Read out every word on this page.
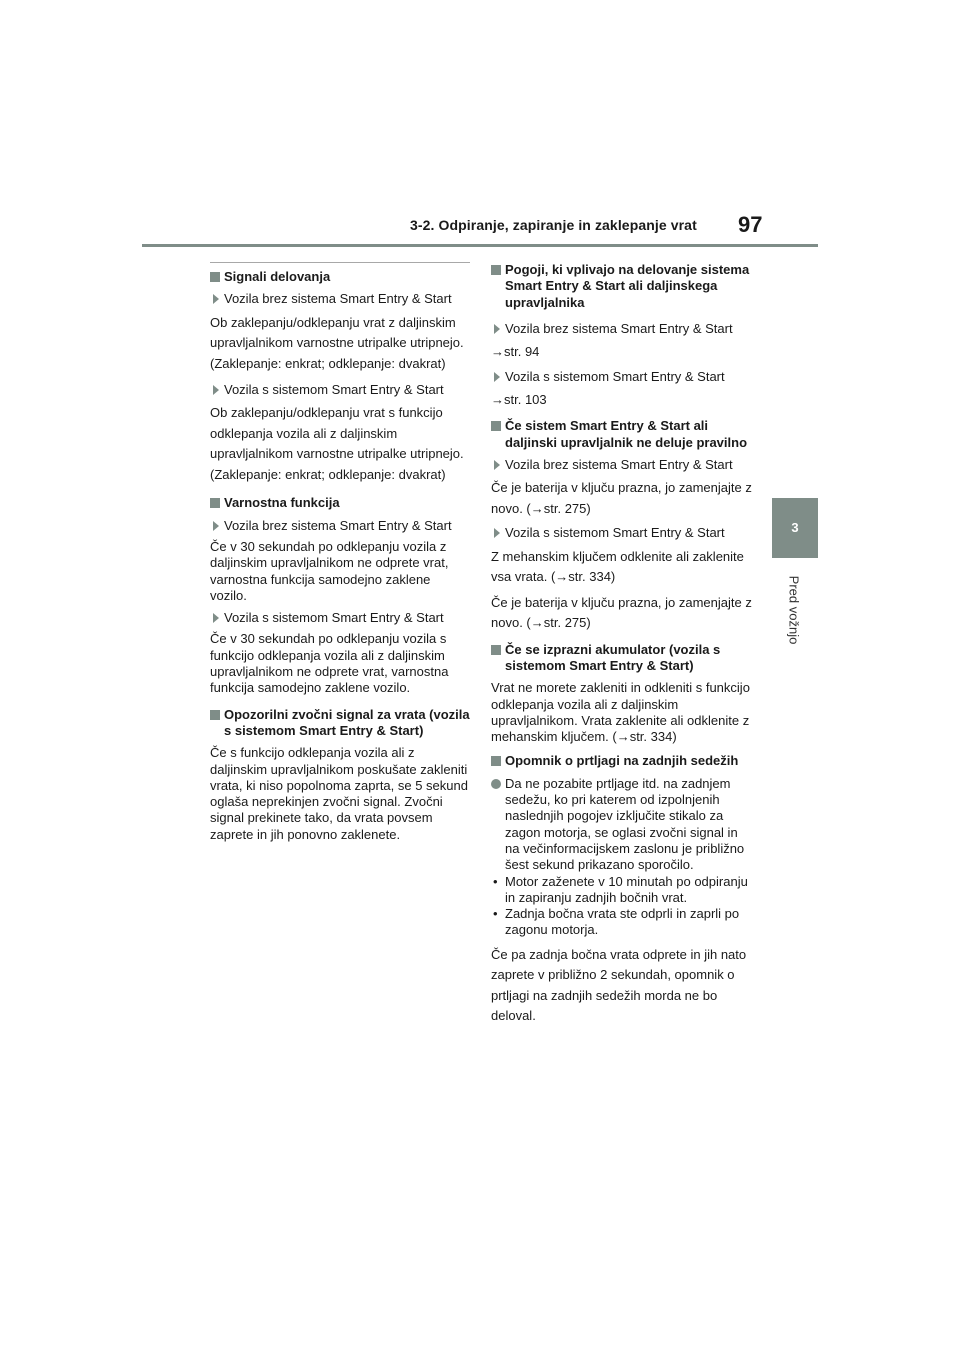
3-2. Odpiranje, zapiranje in zaklepanje vrat 97
3
Pred vožnjo
Signali delovanja
Vozila brez sistema Smart Entry & Start
Ob zaklepanju/odklepanju vrat z daljinskim upravljalnikom varnostne utripalke utripnejo. (Zaklepanje: enkrat; odklepanje: dvakrat)
Vozila s sistemom Smart Entry & Start
Ob zaklepanju/odklepanju vrat s funkcijo odklepanja vozila ali z daljinskim upravljalnikom varnostne utripalke utripnejo. (Zaklepanje: enkrat; odklepanje: dvakrat)
Varnostna funkcija
Vozila brez sistema Smart Entry & Start
Če v 30 sekundah po odklepanju vozila z daljinskim upravljalnikom ne odprete vrat, varnostna funkcija samodejno zaklene vozilo.
Vozila s sistemom Smart Entry & Start
Če v 30 sekundah po odklepanju vozila s funkcijo odklepanja vozila ali z daljinskim upravljalnikom ne odprete vrat, varnostna funkcija samodejno zaklene vozilo.
Opozorilni zvočni signal za vrata (vozila s sistemom Smart Entry & Start)
Če s funkcijo odklepanja vozila ali z daljinskim upravljalnikom poskušate zakleniti vrata, ki niso popolnoma zaprta, se 5 sekund oglaša neprekinjen zvočni signal. Zvočni signal prekinete tako, da vrata povsem zaprete in jih ponovno zaklenete.
Pogoji, ki vplivajo na delovanje sistema Smart Entry & Start ali daljinskega upravljalnika
Vozila brez sistema Smart Entry & Start
→str. 94
Vozila s sistemom Smart Entry & Start
→str. 103
Če sistem Smart Entry & Start ali daljinski upravljalnik ne deluje pravilno
Vozila brez sistema Smart Entry & Start
Če je baterija v ključu prazna, jo zamenjajte z novo. (→str. 275)
Vozila s sistemom Smart Entry & Start
Z mehanskim ključem odklenite ali zaklenite vsa vrata. (→str. 334)
Če je baterija v ključu prazna, jo zamenjajte z novo. (→str. 275)
Če se izprazni akumulator (vozila s sistemom Smart Entry & Start)
Vrat ne morete zakleniti in odkleniti s funkcijo odklepanja vozila ali z daljinskim upravljalnikom. Vrata zaklenite ali odklenite z mehanskim ključem. (→str. 334)
Opomnik o prtljagi na zadnjih sedežih
Da ne pozabite prtljage itd. na zadnjem sedežu, ko pri katerem od izpolnjenih naslednjih pogojev izključite stikalo za zagon motorja, se oglasi zvočni signal in na večinformacijskem zaslonu je približno šest sekund prikazano sporočilo.
• Motor zaženete v 10 minutah po odpiranju in zapiranju zadnjih bočnih vrat.
• Zadnja bočna vrata ste odprli in zaprli po zagonu motorja.
Če pa zadnja bočna vrata odprete in jih nato zaprete v približno 2 sekundah, opomnik o prtljagi na zadnjih sedežih morda ne bo deloval.
